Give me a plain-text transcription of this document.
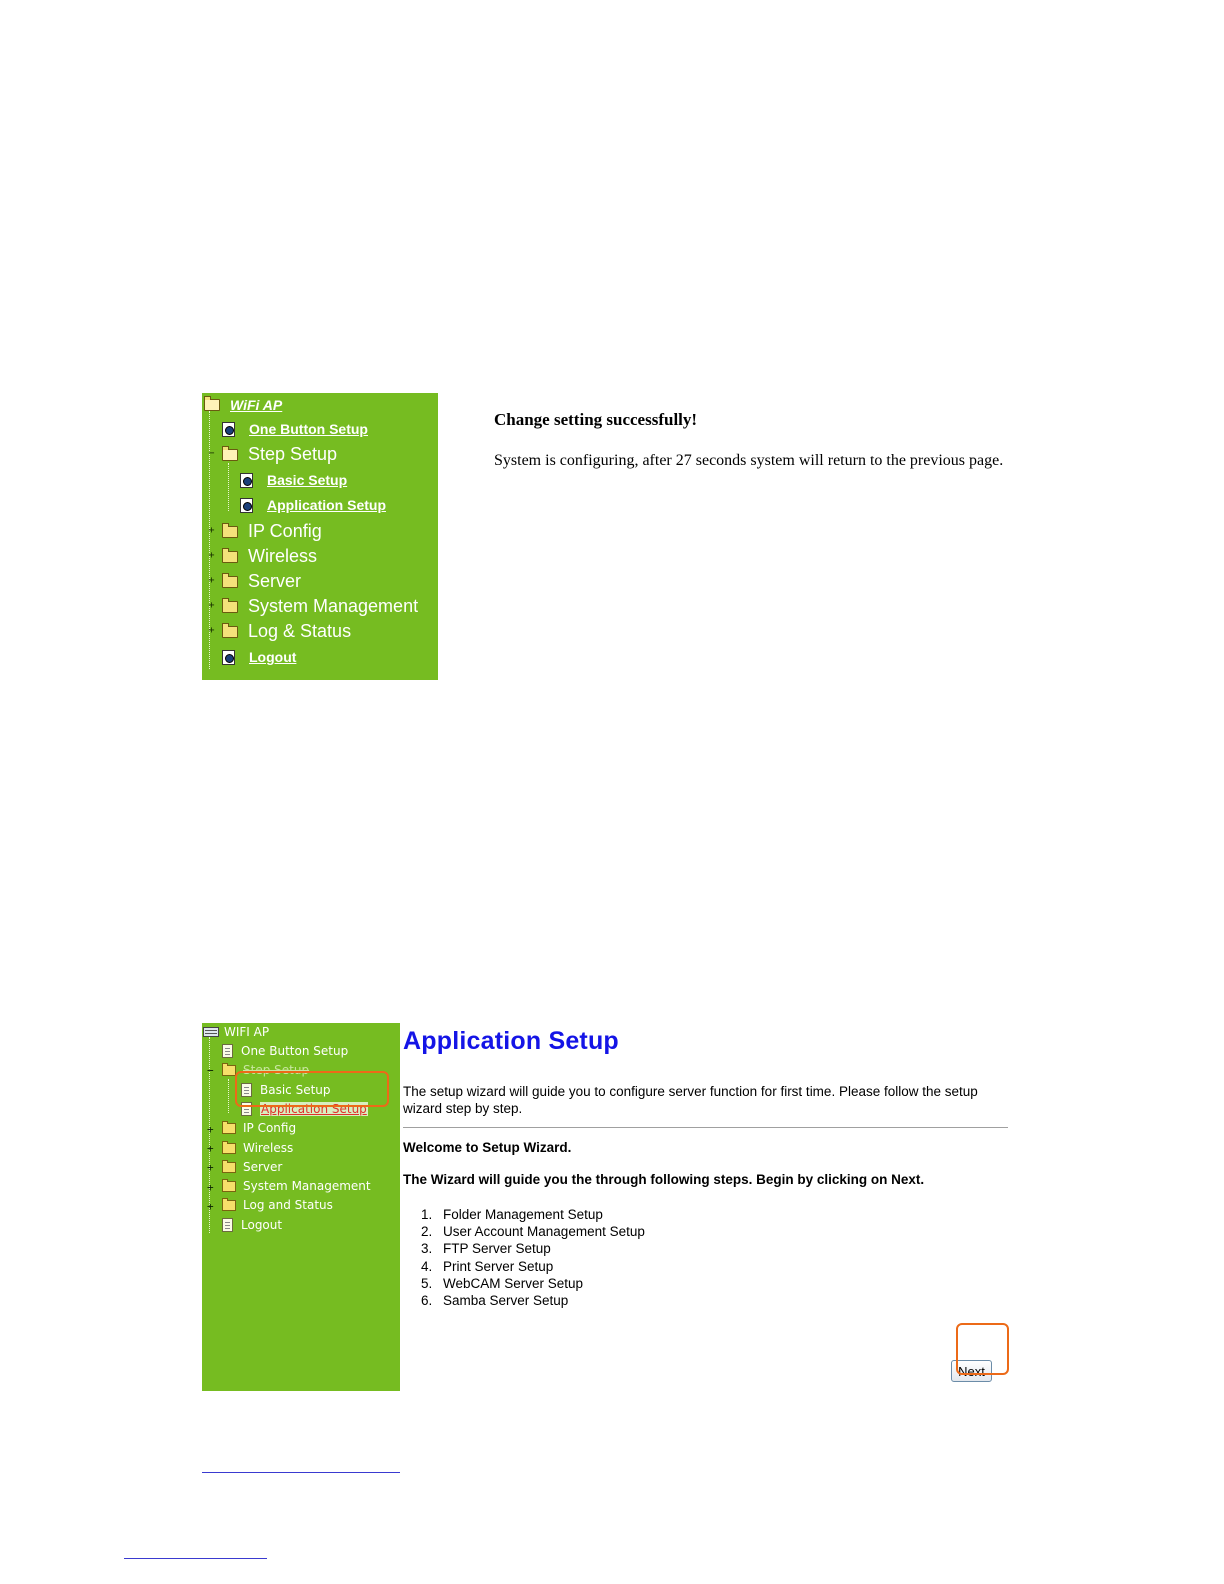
WiFi AP
One Button Setup
− Step Setup
Basic Setup
Application Setup
+ IP Config
+ Wireless
+ Server
+ System Management
+ Log & Status
Logout
Change setting successfully!
System is configuring, after 27 seconds system will return to the previous page.
WIFI AP
One Button Setup
− Step Setup
Basic Setup
Application Setup
+ IP Config
+ Wireless
+ Server
+ System Management
+ Log and Status
Logout
Application Setup
The setup wizard will guide you to configure server function for first time. Please follow the setup wizard step by step.
Welcome to Setup Wizard.
The Wizard will guide you the through following steps. Begin by clicking on Next.
1. Folder Management Setup
2. User Account Management Setup
3. FTP Server Setup
4. Print Server Setup
5. WebCAM Server Setup
6. Samba Server Setup
Next
